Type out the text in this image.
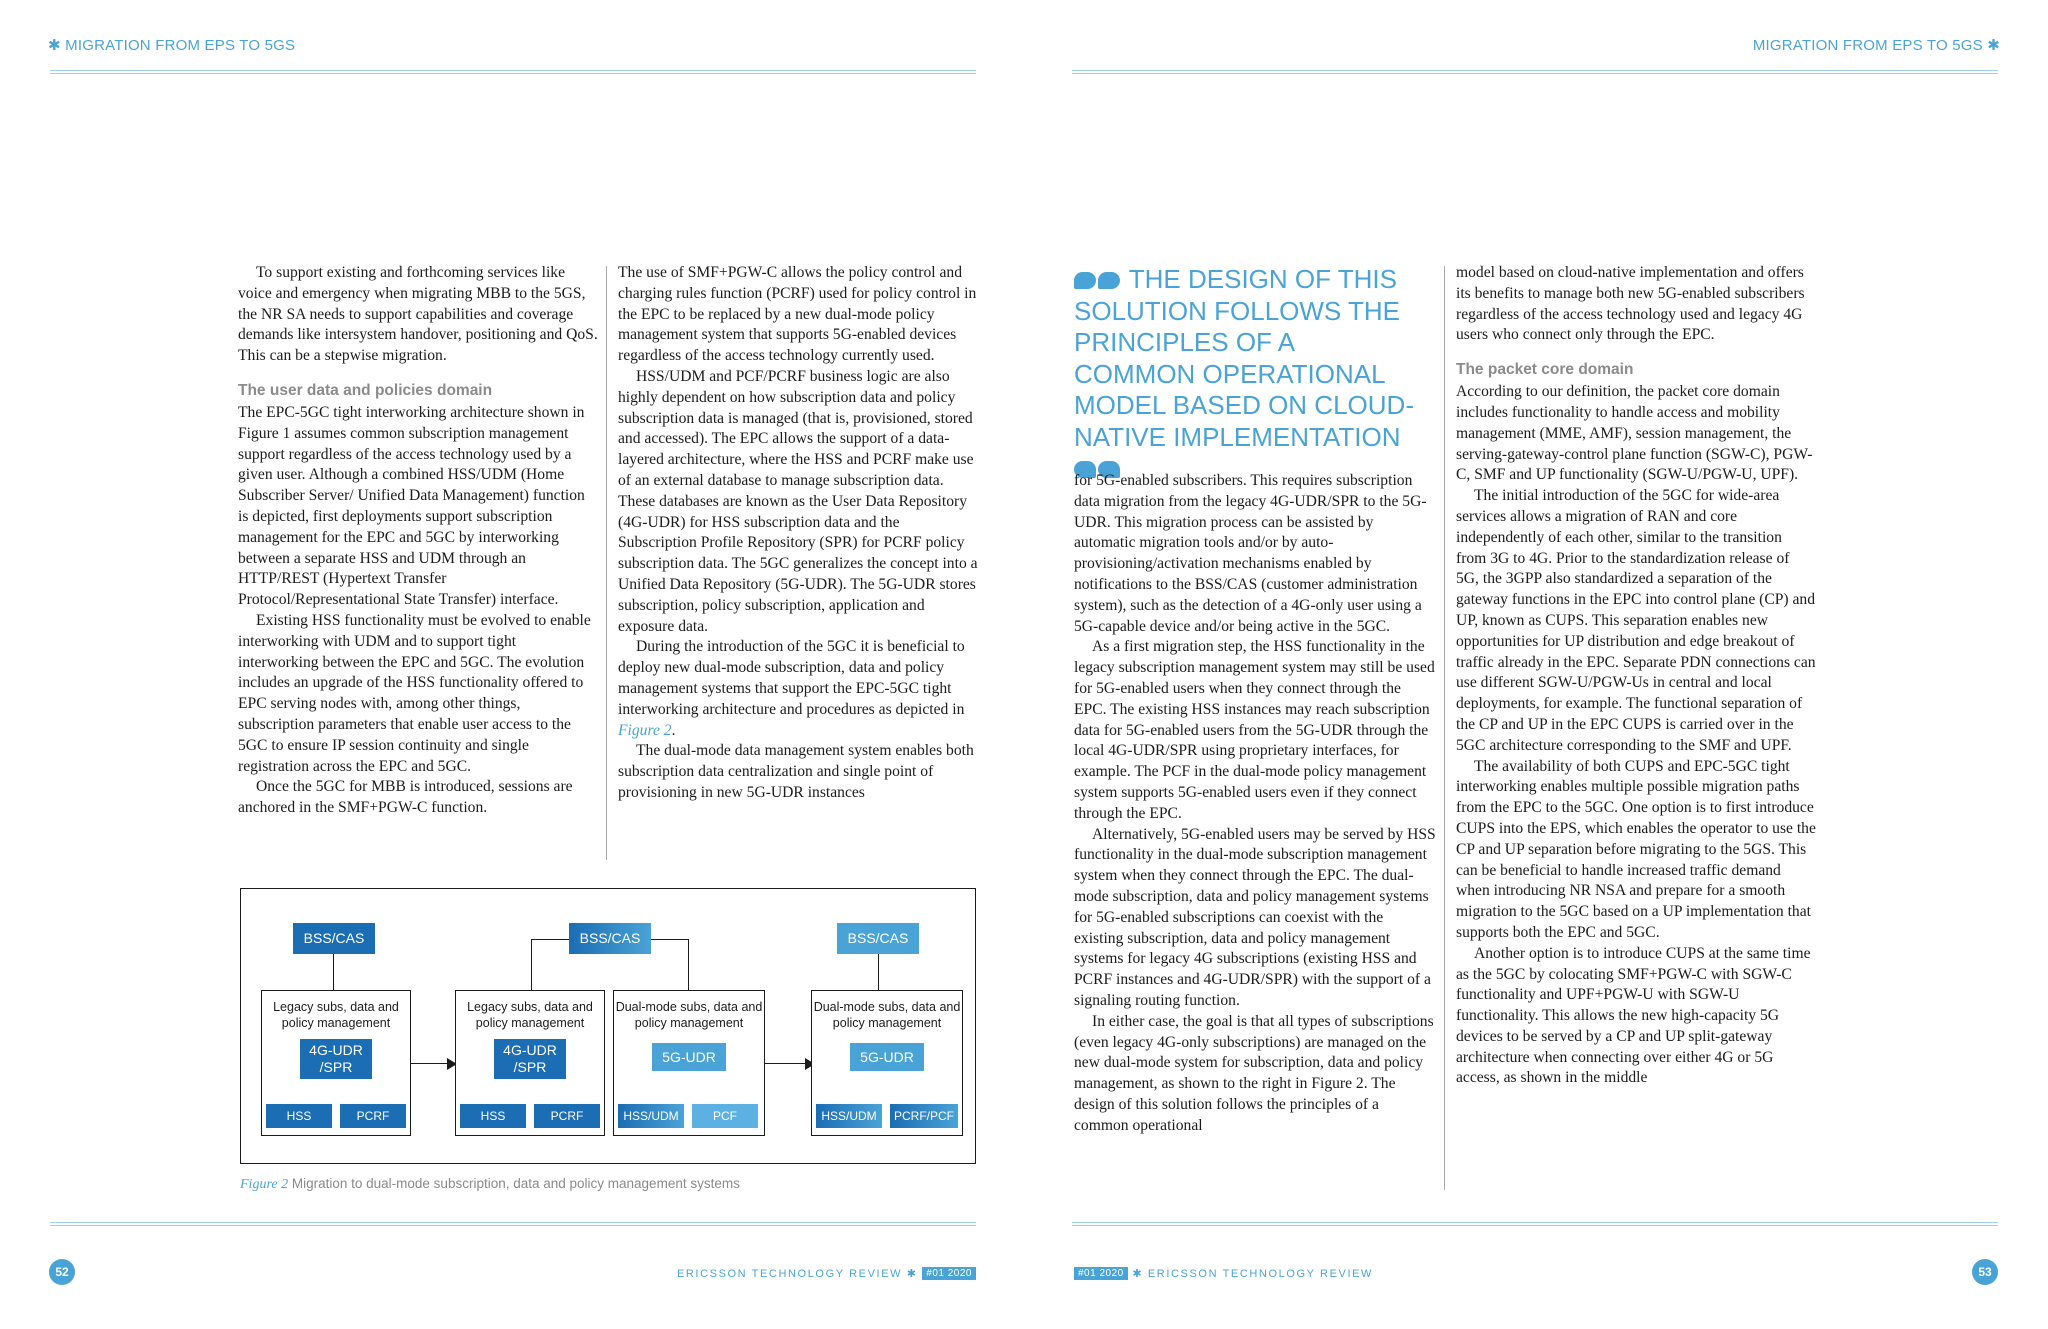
✱ MIGRATION FROM EPS TO 5GS	MIGRATION FROM EPS TO 5GS ✱

To support existing and forthcoming services like voice and emergency when migrating MBB to the 5GS, the NR SA needs to support capabilities and coverage demands like intersystem handover, positioning and QoS. This can be a stepwise migration.

The user data and policies domain

The EPC-5GC tight interworking architecture shown in Figure 1 assumes common subscription management support regardless of the access technology used by a given user. Although a combined HSS/UDM (Home Subscriber Server/ Unified Data Management) function is depicted, first deployments support subscription management for the EPC and 5GC by interworking between a separate HSS and UDM through an HTTP/REST (Hypertext Transfer Protocol/Representational State Transfer) interface.

Existing HSS functionality must be evolved to enable interworking with UDM and to support tight interworking between the EPC and 5GC. The evolution includes an upgrade of the HSS functionality offered to EPC serving nodes with, among other things, subscription parameters that enable user access to the 5GC to ensure IP session continuity and single registration across the EPC and 5GC.

Once the 5GC for MBB is introduced, sessions are anchored in the SMF+PGW-C function.

The use of SMF+PGW-C allows the policy control and charging rules function (PCRF) used for policy control in the EPC to be replaced by a new dual-mode policy management system that supports 5G-enabled devices regardless of the access technology currently used.

HSS/UDM and PCF/PCRF business logic are also highly dependent on how subscription data and policy subscription data is managed (that is, provisioned, stored and accessed). The EPC allows the support of a data-layered architecture, where the HSS and PCRF make use of an external database to manage subscription data. These databases are known as the User Data Repository (4G-UDR) for HSS subscription data and the Subscription Profile Repository (SPR) for PCRF policy subscription data. The 5GC generalizes the concept into a Unified Data Repository (5G-UDR). The 5G-UDR stores subscription, policy subscription, application and exposure data.

During the introduction of the 5GC it is beneficial to deploy new dual-mode subscription, data and policy management systems that support the EPC-5GC tight interworking architecture and procedures as depicted in Figure 2.

The dual-mode data management system enables both subscription data centralization and single point of provisioning in new 5G-UDR instances

BSS/CAS	BSS/CAS	BSS/CAS
Legacy subs, data and policy management
4G-UDR /SPR
HSS	PCRF
Legacy subs, data and policy management
4G-UDR /SPR
HSS	PCRF
Dual-mode subs, data and policy management
5G-UDR
HSS/UDM	PCF
Dual-mode subs, data and policy management
5G-UDR
HSS/UDM	PCRF/PCF
Figure 2 Migration to dual-mode subscription, data and policy management systems
THE DESIGN OF THIS SOLUTION FOLLOWS THE PRINCIPLES OF A COMMON OPERATIONAL MODEL BASED ON CLOUD-NATIVE IMPLEMENTATION

for 5G-enabled subscribers. This requires subscription data migration from the legacy 4G-UDR/SPR to the 5G-UDR. This migration process can be assisted by automatic migration tools and/or by auto-provisioning/activation mechanisms enabled by notifications to the BSS/CAS (customer administration system), such as the detection of a 4G-only user using a 5G-capable device and/or being active in the 5GC.

As a first migration step, the HSS functionality in the legacy subscription management system may still be used for 5G-enabled users when they connect through the EPC. The existing HSS instances may reach subscription data for 5G-enabled users from the 5G-UDR through the local 4G-UDR/SPR using proprietary interfaces, for example. The PCF in the dual-mode policy management system supports 5G-enabled users even if they connect through the EPC.

Alternatively, 5G-enabled users may be served by HSS functionality in the dual-mode subscription management system when they connect through the EPC. The dual-mode subscription, data and policy management systems for 5G-enabled subscriptions can coexist with the existing subscription, data and policy management systems for legacy 4G subscriptions (existing HSS and PCRF instances and 4G-UDR/SPR) with the support of a signaling routing function.

In either case, the goal is that all types of subscriptions (even legacy 4G-only subscriptions) are managed on the new dual-mode system for subscription, data and policy management, as shown to the right in Figure 2. The design of this solution follows the principles of a common operational

model based on cloud-native implementation and offers its benefits to manage both new 5G-enabled subscribers regardless of the access technology used and legacy 4G users who connect only through the EPC.

The packet core domain

According to our definition, the packet core domain includes functionality to handle access and mobility management (MME, AMF), session management, the serving-gateway-control plane function (SGW-C), PGW-C, SMF and UP functionality (SGW-U/PGW-U, UPF).

The initial introduction of the 5GC for wide-area services allows a migration of RAN and core independently of each other, similar to the transition from 3G to 4G. Prior to the standardization release of 5G, the 3GPP also standardized a separation of the gateway functions in the EPC into control plane (CP) and UP, known as CUPS. This separation enables new opportunities for UP distribution and edge breakout of traffic already in the EPC. Separate PDN connections can use different SGW-U/PGW-Us in central and local deployments, for example. The functional separation of the CP and UP in the EPC CUPS is carried over in the 5GC architecture corresponding to the SMF and UPF.

The availability of both CUPS and EPC-5GC tight interworking enables multiple possible migration paths from the EPC to the 5GC. One option is to first introduce CUPS into the EPS, which enables the operator to use the CP and UP separation before migrating to the 5GS. This can be beneficial to handle increased traffic demand when introducing NR NSA and prepare for a smooth migration to the 5GC based on a UP implementation that supports both the EPC and 5GC.

Another option is to introduce CUPS at the same time as the 5GC by colocating SMF+PGW-C with SGW-C functionality and UPF+PGW-U with SGW-U functionality. This allows the new high-capacity 5G devices to be served by a CP and UP split-gateway architecture when connecting over either 4G or 5G access, as shown in the middle

52	ERICSSON TECHNOLOGY REVIEW ✱ #01 2020	#01 2020 ✱ ERICSSON TECHNOLOGY REVIEW	53
